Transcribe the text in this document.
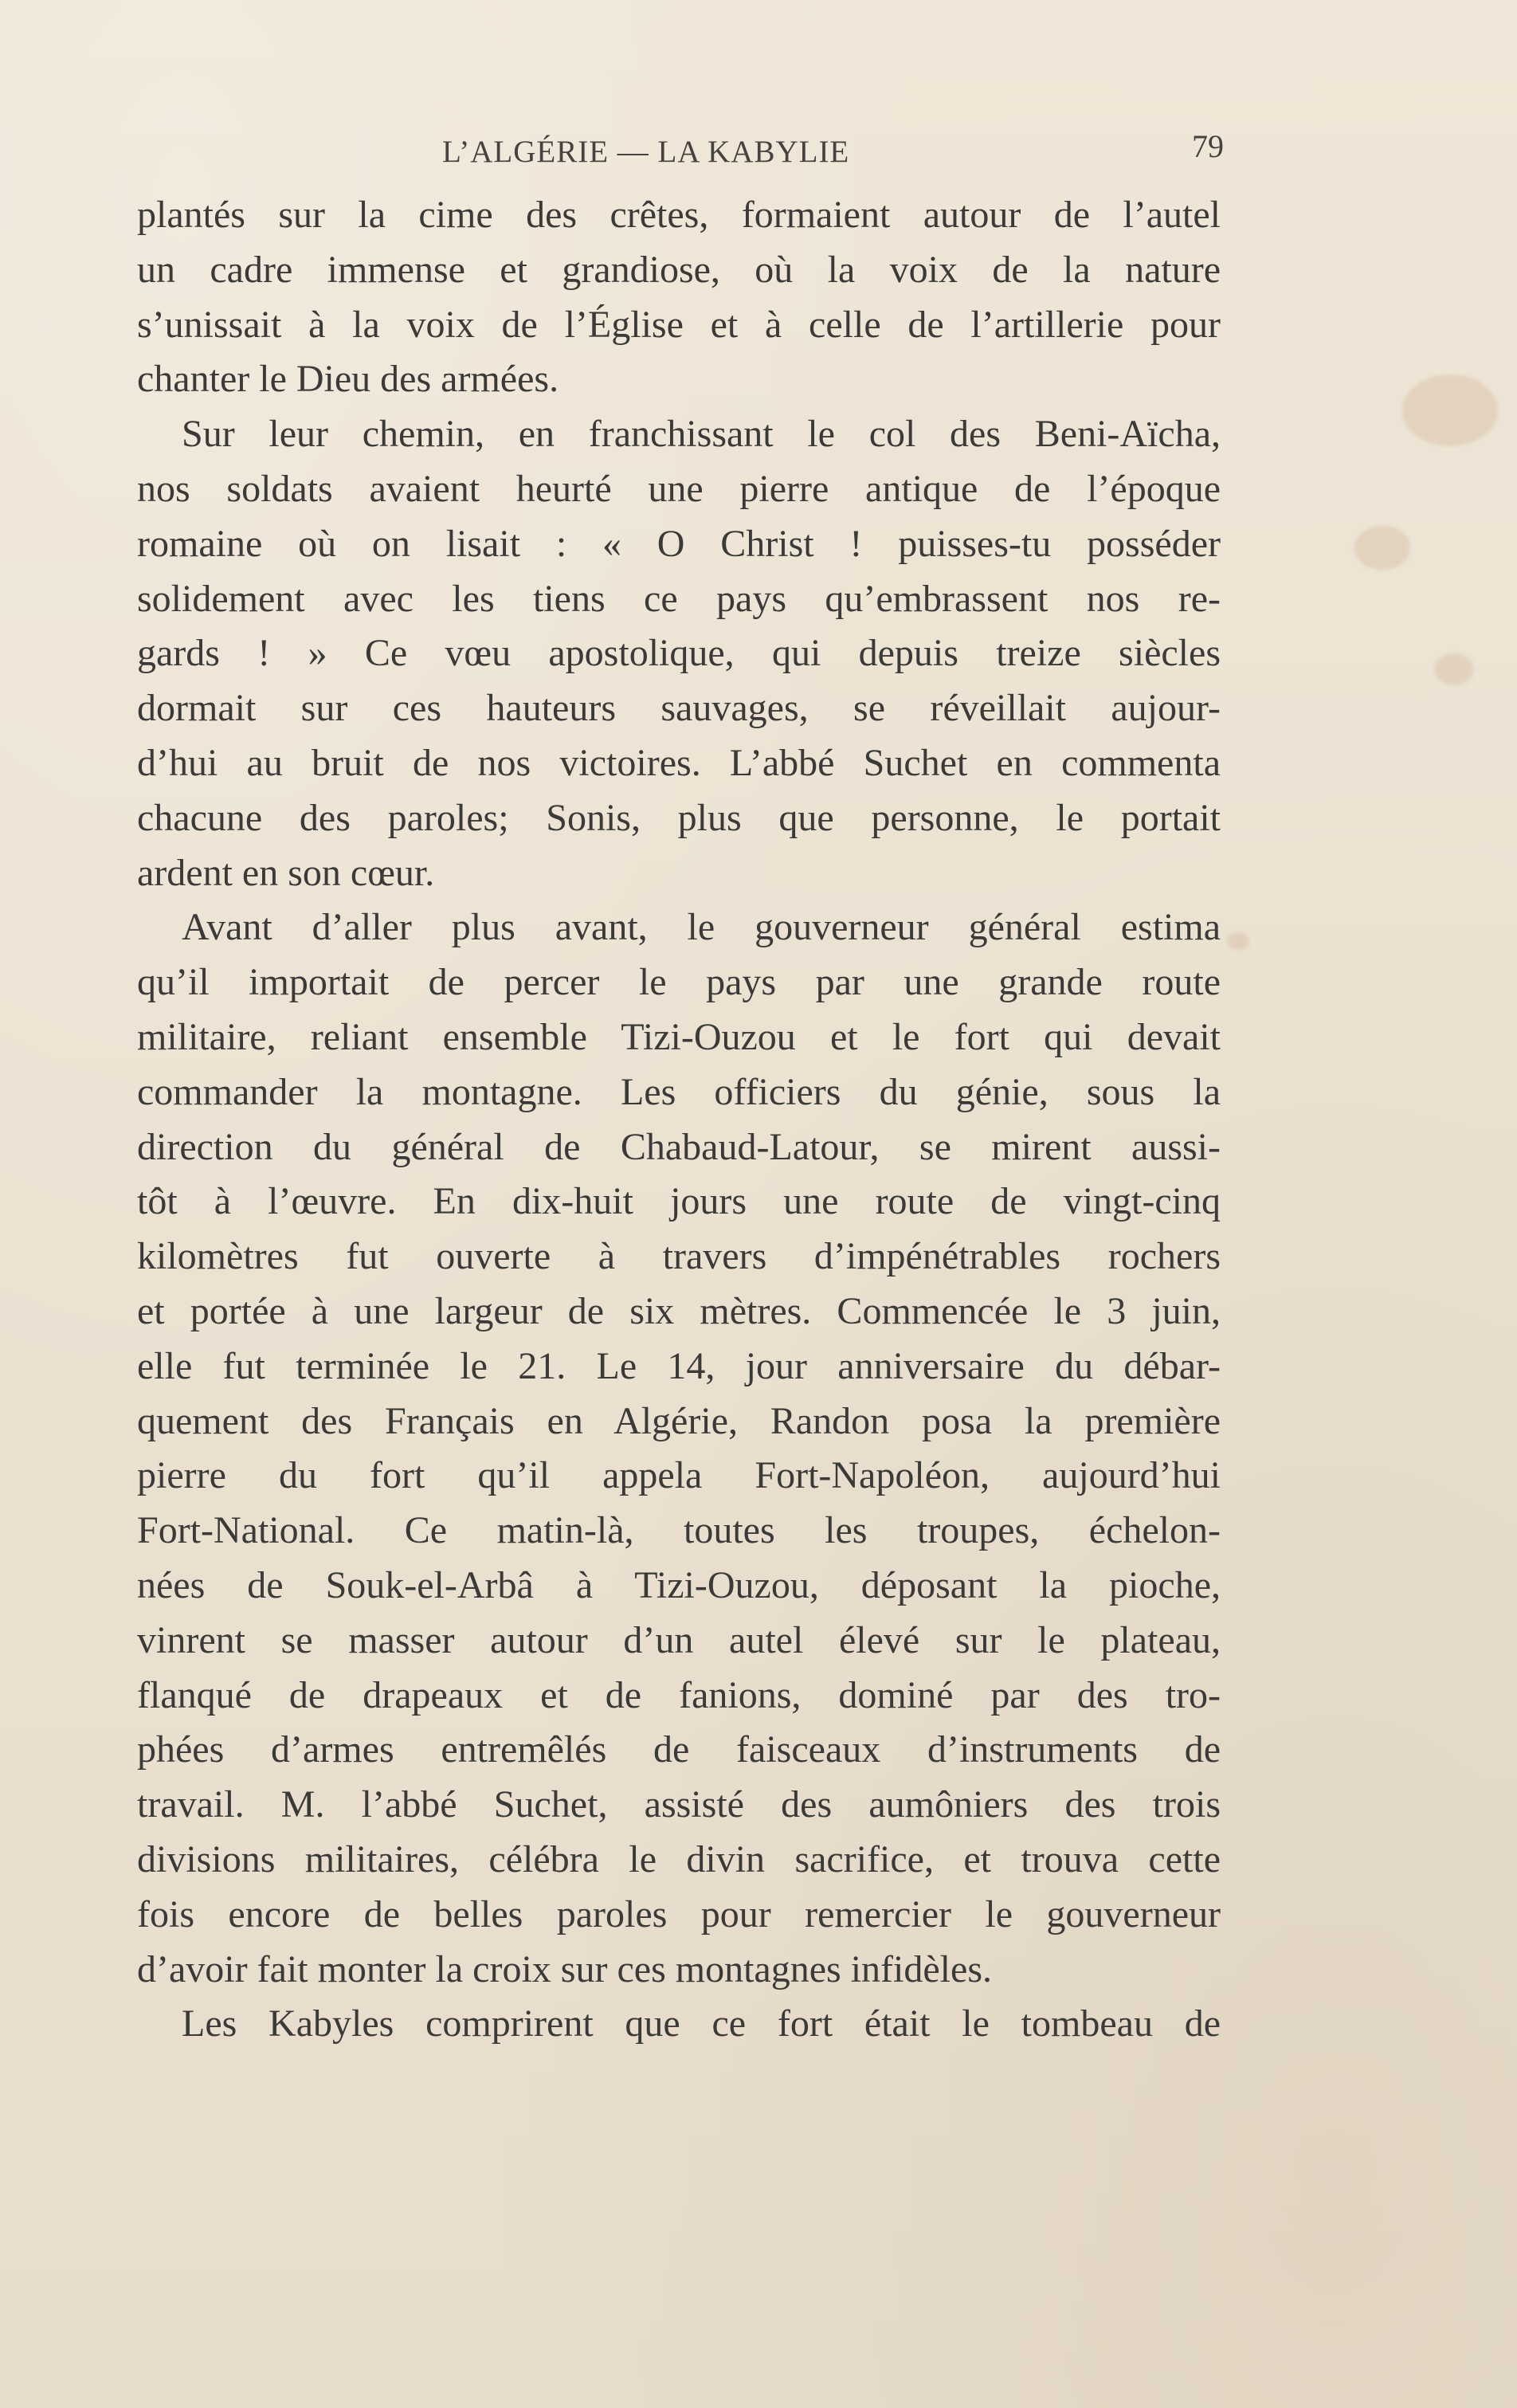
L’ALGÉRIE — LA KABYLIE	79
plantés sur la cime des crêtes, formaient autour de l’autel
un cadre immense et grandiose, où la voix de la nature
s’unissait à la voix de l’Église et à celle de l’artillerie pour
chanter le Dieu des armées.
Sur leur chemin, en franchissant le col des Beni-Aïcha,
nos soldats avaient heurté une pierre antique de l’époque
romaine où on lisait : « O Christ ! puisses-tu posséder
solidement avec les tiens ce pays qu’embrassent nos re-
gards ! » Ce vœu apostolique, qui depuis treize siècles
dormait sur ces hauteurs sauvages, se réveillait aujour-
d’hui au bruit de nos victoires. L’abbé Suchet en commenta
chacune des paroles; Sonis, plus que personne, le portait
ardent en son cœur.
Avant d’aller plus avant, le gouverneur général estima
qu’il importait de percer le pays par une grande route
militaire, reliant ensemble Tizi-Ouzou et le fort qui devait
commander la montagne. Les officiers du génie, sous la
direction du général de Chabaud-Latour, se mirent aussi-
tôt à l’œuvre. En dix-huit jours une route de vingt-cinq
kilomètres fut ouverte à travers d’impénétrables rochers
et portée à une largeur de six mètres. Commencée le 3 juin,
elle fut terminée le 21. Le 14, jour anniversaire du débar-
quement des Français en Algérie, Randon posa la première
pierre du fort qu’il appela Fort-Napoléon, aujourd’hui
Fort-National. Ce matin-là, toutes les troupes, échelon-
nées de Souk-el-Arbâ à Tizi-Ouzou, déposant la pioche,
vinrent se masser autour d’un autel élevé sur le plateau,
flanqué de drapeaux et de fanions, dominé par des tro-
phées d’armes entremêlés de faisceaux d’instruments de
travail. M. l’abbé Suchet, assisté des aumôniers des trois
divisions militaires, célébra le divin sacrifice, et trouva cette
fois encore de belles paroles pour remercier le gouverneur
d’avoir fait monter la croix sur ces montagnes infidèles.
Les Kabyles comprirent que ce fort était le tombeau de
